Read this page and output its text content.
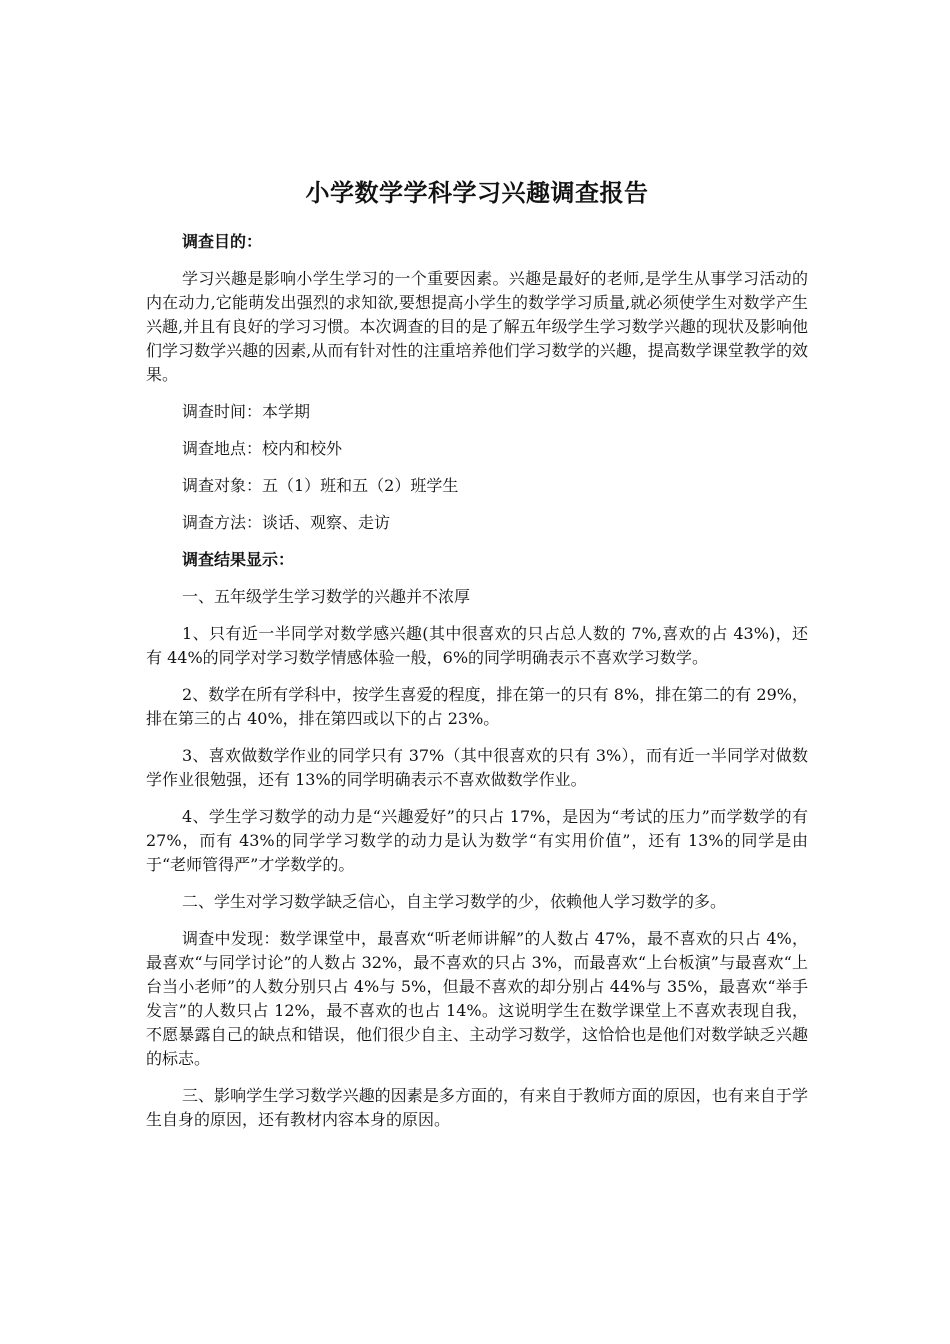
小学数学学科学习兴趣调查报告
调查目的：
学习兴趣是影响小学生学习的一个重要因素。兴趣是最好的老师,是学生从事学习活动的内在动力,它能萌发出强烈的求知欲,要想提高小学生的数学学习质量,就必须使学生对数学产生兴趣,并且有良好的学习习惯。本次调查的目的是了解五年级学生学习数学兴趣的现状及影响他们学习数学兴趣的因素,从而有针对性的注重培养他们学习数学的兴趣，提高数学课堂教学的效果。
调查时间：本学期
调查地点：校内和校外
调查对象：五（1）班和五（2）班学生
调查方法：谈话、观察、走访
调查结果显示：
一、五年级学生学习数学的兴趣并不浓厚
1、只有近一半同学对数学感兴趣(其中很喜欢的只占总人数的 7%,喜欢的占 43%)，还有 44%的同学对学习数学情感体验一般，6%的同学明确表示不喜欢学习数学。
2、数学在所有学科中，按学生喜爱的程度，排在第一的只有 8%，排在第二的有 29%，排在第三的占 40%，排在第四或以下的占 23%。
3、喜欢做数学作业的同学只有 37%（其中很喜欢的只有 3%），而有近一半同学对做数学作业很勉强，还有 13%的同学明确表示不喜欢做数学作业。
4、学生学习数学的动力是“兴趣爱好”的只占 17%，是因为“考试的压力”而学数学的有 27%，而有 43%的同学学习数学的动力是认为数学“有实用价值”，还有 13%的同学是由于“老师管得严”才学数学的。
二、学生对学习数学缺乏信心，自主学习数学的少，依赖他人学习数学的多。
调查中发现：数学课堂中，最喜欢“听老师讲解”的人数占 47%，最不喜欢的只占 4%，最喜欢“与同学讨论”的人数占 32%，最不喜欢的只占 3%，而最喜欢“上台板演”与最喜欢“上台当小老师”的人数分别只占 4%与 5%，但最不喜欢的却分别占 44%与 35%，最喜欢“举手发言”的人数只占 12%，最不喜欢的也占 14%。这说明学生在数学课堂上不喜欢表现自我，不愿暴露自己的缺点和错误，他们很少自主、主动学习数学，这恰恰也是他们对数学缺乏兴趣的标志。
三、影响学生学习数学兴趣的因素是多方面的，有来自于教师方面的原因，也有来自于学生自身的原因，还有教材内容本身的原因。
